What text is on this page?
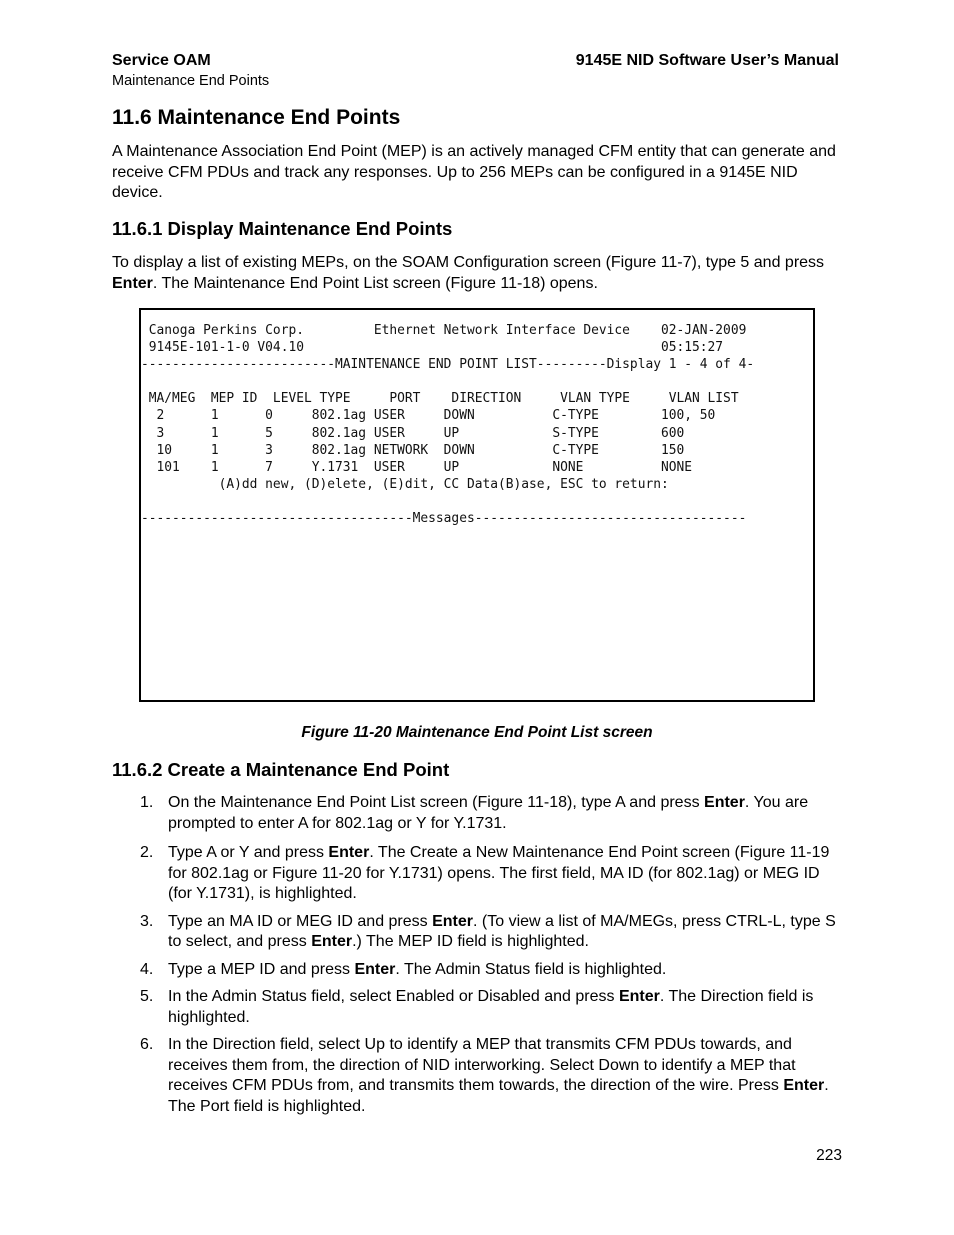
Service OAM
Maintenance End Points
9145E NID Software User’s Manual
11.6 Maintenance End Points

A Maintenance Association End Point (MEP) is an actively managed CFM entity that can generate and receive CFM PDUs and track any responses. Up to 256 MEPs can be configured in a 9145E NID device.

11.6.1 Display Maintenance End Points

To display a list of existing MEPs, on the SOAM Configuration screen (Figure 11-7), type 5 and press Enter. The Maintenance End Point List screen (Figure 11-18) opens.

Canoga Perkins Corp.         Ethernet Network Interface Device    02-JAN-2009
9145E-101-1-0 V04.10                                              05:15:27
-------------------------MAINTENANCE END POINT LIST---------Display 1 - 4 of 4-

MA/MEG  MEP ID  LEVEL TYPE     PORT    DIRECTION     VLAN TYPE     VLAN LIST
2      1      0     802.1ag USER     DOWN          C-TYPE        100, 50
3      1      5     802.1ag USER     UP            S-TYPE        600
10     1      3     802.1ag NETWORK  DOWN          C-TYPE        150
101    1      7     Y.1731  USER     UP            NONE          NONE
(A)dd new, (D)elete, (E)dit, CC Data(B)ase, ESC to return:

-----------------------------------Messages-----------------------------------
Figure 11-20 Maintenance End Point List screen
11.6.2 Create a Maintenance End Point
1. On the Maintenance End Point List screen (Figure 11-18), type A and press Enter. You are prompted to enter A for 802.1ag or Y for Y.1731.
2. Type A or Y and press Enter. The Create a New Maintenance End Point screen (Figure 11-19 for 802.1ag or Figure 11-20 for Y.1731) opens. The first field, MA ID (for 802.1ag) or MEG ID (for Y.1731), is highlighted.
3. Type an MA ID or MEG ID and press Enter. (To view a list of MA/MEGs, press CTRL-L, type S to select, and press Enter.) The MEP ID field is highlighted.
4. Type a MEP ID and press Enter. The Admin Status field is highlighted.
5. In the Admin Status field, select Enabled or Disabled and press Enter. The Direction field is highlighted.
6. In the Direction field, select Up to identify a MEP that transmits CFM PDUs towards, and receives them from, the direction of NID interworking. Select Down to identify a MEP that receives CFM PDUs from, and transmits them towards, the direction of the wire. Press Enter. The Port field is highlighted.
223
